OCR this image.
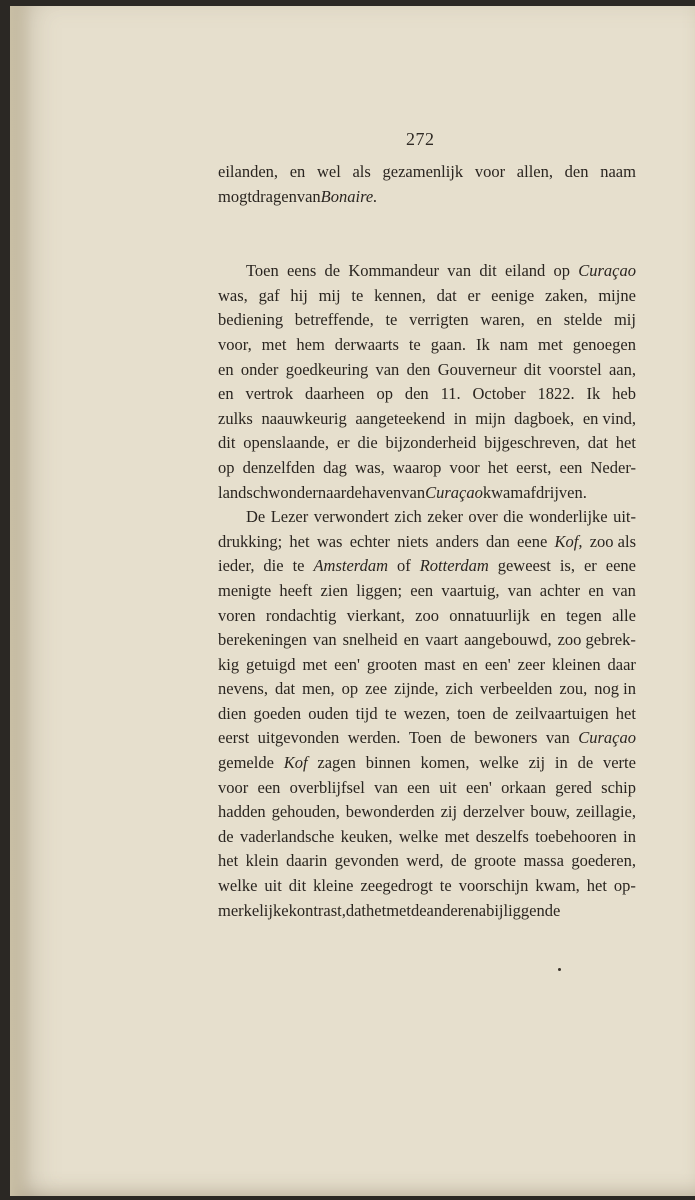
272
eilanden, en wel als gezamenlijk voor allen, den naam
mogt dragen van Bonaire.
Toen eens de Kommandeur van dit eiland op Curaçao
was, gaf hij mij te kennen, dat er eenige zaken, mijne
bediening betreffende, te verrigten waren, en stelde mij
voor, met hem derwaarts te gaan. Ik nam met genoegen
en onder goedkeuring van den Gouverneur dit voorstel aan,
en vertrok daarheen op den 11. October 1822. Ik heb
zulks naauwkeurig aangeteekend in mijn dagboek, en vind,
dit openslaande, er die bijzonderheid bijgeschreven, dat het
op denzelfden dag was, waarop voor het eerst, een Neder-
landsch wonder naar de haven van Curaçao kwam afdrijven.
De Lezer verwondert zich zeker over die wonderlijke uit-
drukking; het was echter niets anders dan eene Kof, zoo als
ieder, die te Amsterdam of Rotterdam geweest is, er eene
menigte heeft zien liggen; een vaartuig, van achter en van
voren rondachtig vierkant, zoo onnatuurlijk en tegen alle
berekeningen van snelheid en vaart aangebouwd, zoo gebrek-
kig getuigd met een' grooten mast en een' zeer kleinen daar
nevens, dat men, op zee zijnde, zich verbeelden zou, nog in
dien goeden ouden tijd te wezen, toen de zeilvaartuigen het
eerst uitgevonden werden. Toen de bewoners van Curaçao
gemelde Kof zagen binnen komen, welke zij in de verte
voor een overblijfsel van een uit een' orkaan gered schip
hadden gehouden, bewonderden zij derzelver bouw, zeillagie,
de vaderlandsche keuken, welke met deszelfs toebehooren in
het klein daarin gevonden werd, de groote massa goederen,
welke uit dit kleine zeegedrogt te voorschijn kwam, het op-
merkelijke kontrast, dat het met de andere nabijliggende
